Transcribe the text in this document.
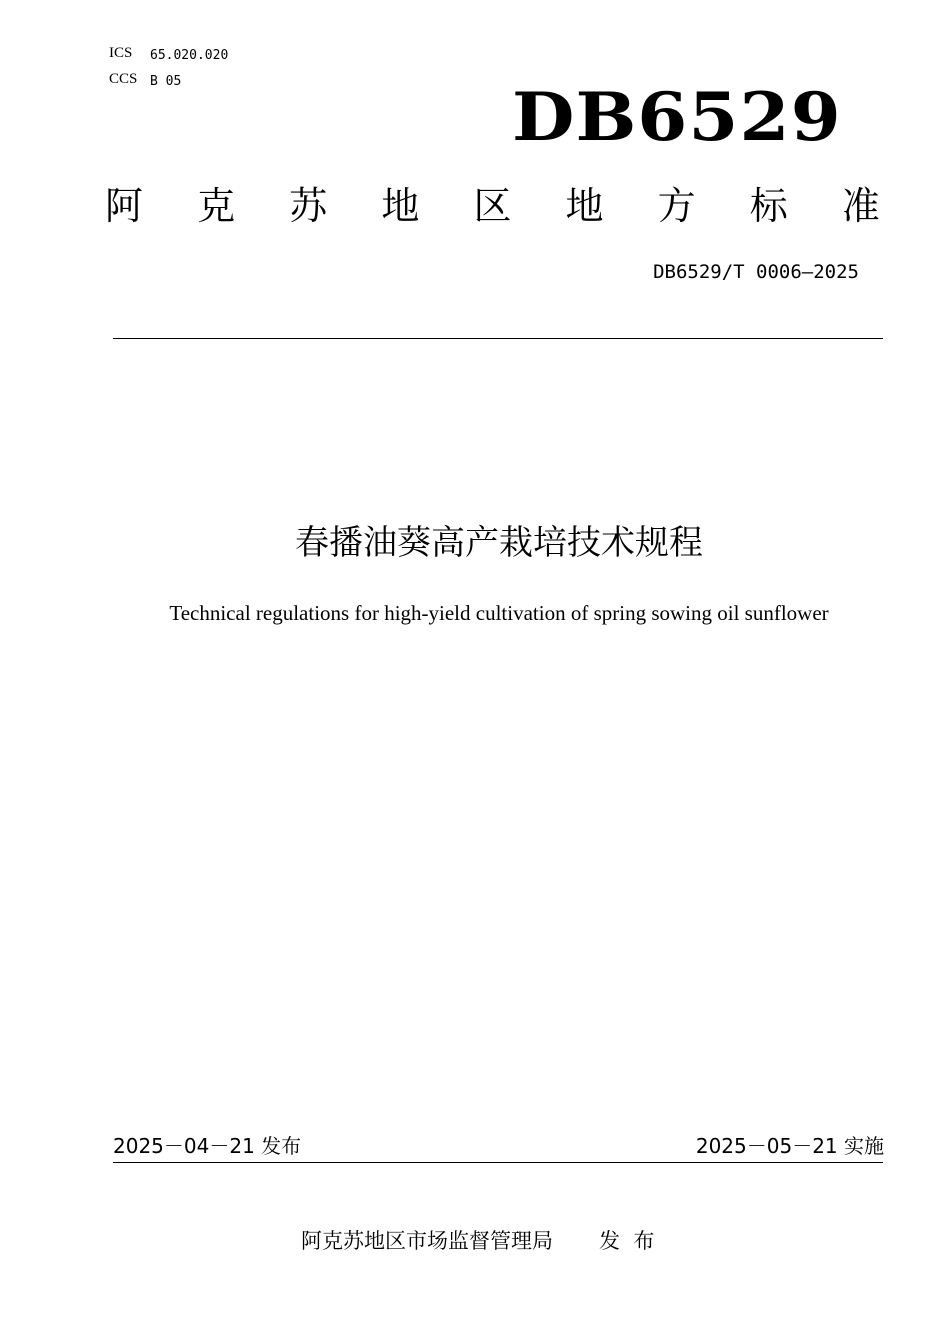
ICS 65.020.020
CCS B 05	DB6529
阿 克 苏 地 区 地 方 标 准
DB6529/T 0006—2025
春播油葵高产栽培技术规程
Technical regulations for high-yield cultivation of spring sowing oil sunflower
2025－04－21 发布	2025－05－21 实施
阿克苏地区市场监督管理局 发  布
